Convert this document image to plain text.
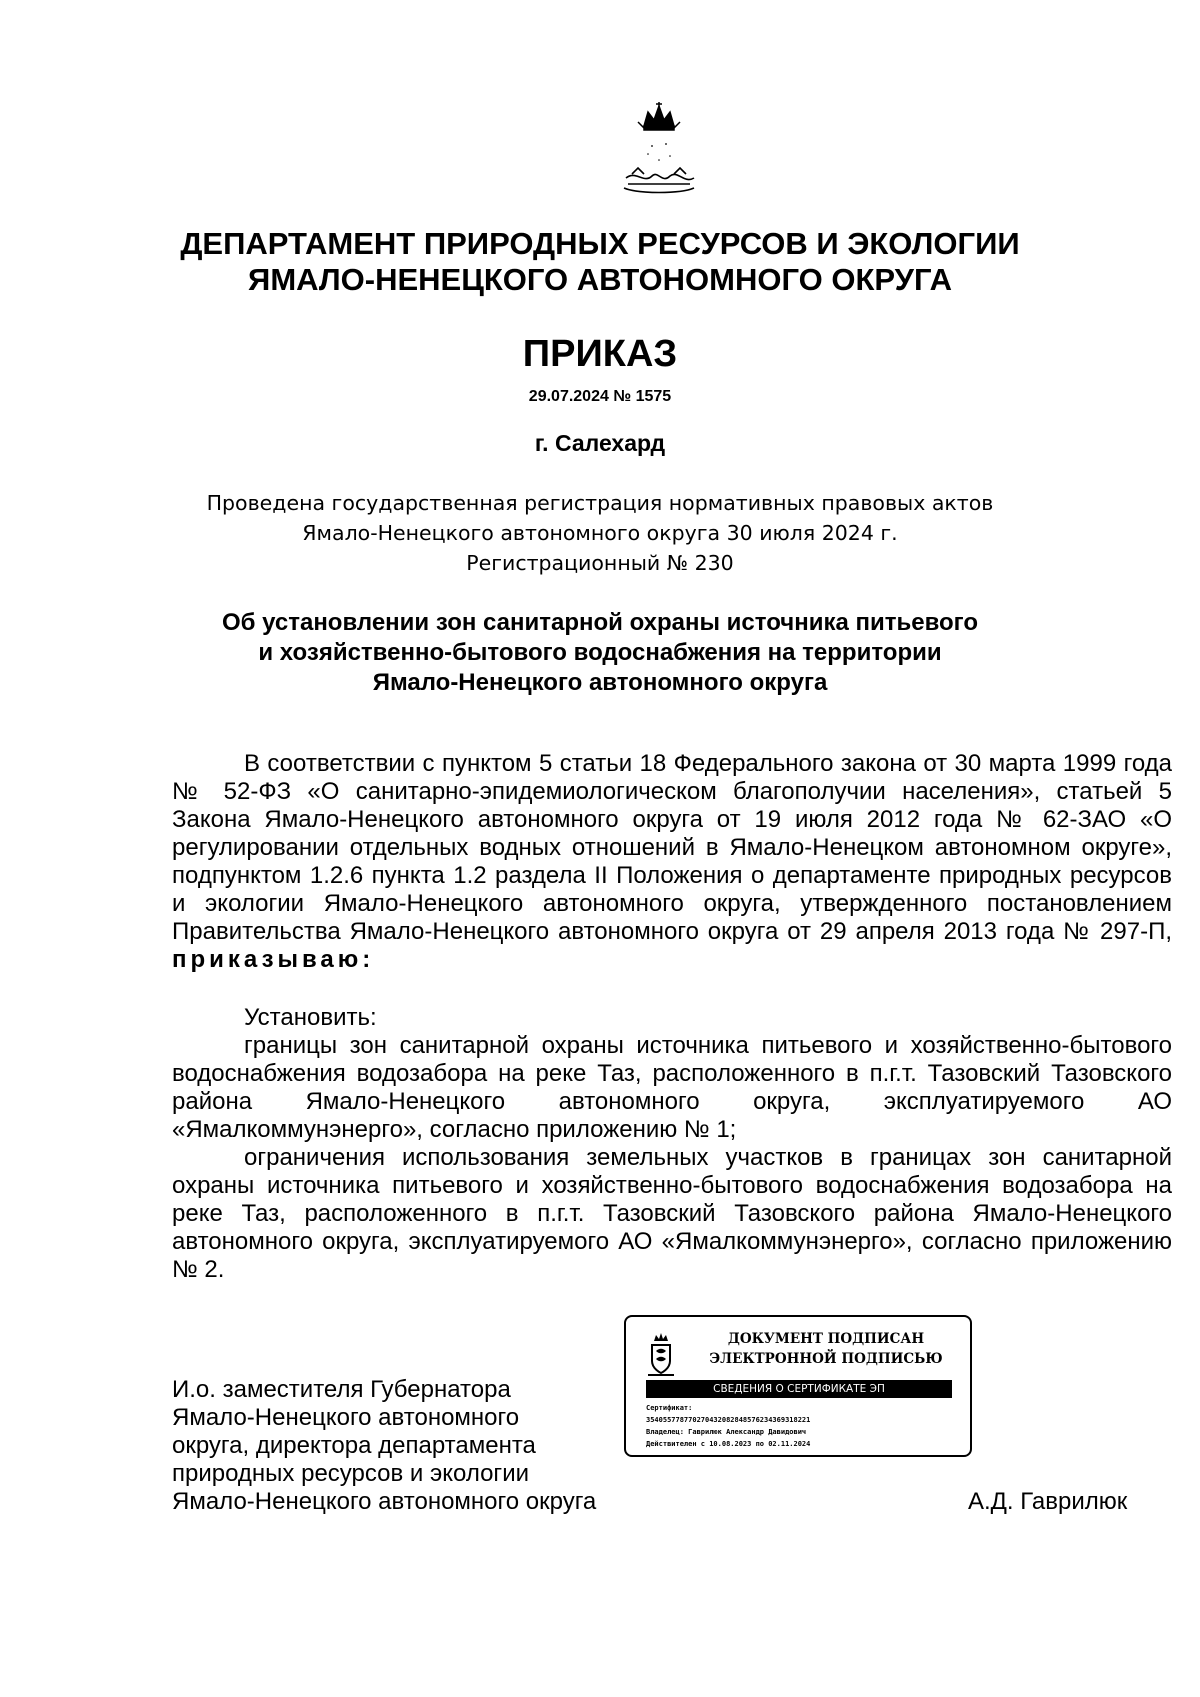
ДЕПАРТАМЕНТ ПРИРОДНЫХ РЕСУРСОВ И ЭКОЛОГИИ
ЯМАЛО-НЕНЕЦКОГО АВТОНОМНОГО ОКРУГА
ПРИКАЗ
29.07.2024 № 1575
г. Салехард
Проведена государственная регистрация нормативных правовых актов
Ямало-Ненецкого автономного округа 30 июля 2024 г.
Регистрационный № 230
Об установлении зон санитарной охраны источника питьевого
и хозяйственно-бытового водоснабжения на территории
Ямало-Ненецкого автономного округа

В соответствии с пунктом 5 статьи 18 Федерального закона от 30 марта 1999 года № 52-ФЗ «О санитарно-эпидемиологическом благополучии населения», статьей 5 Закона Ямало-Ненецкого автономного округа от 19 июля 2012 года № 62-ЗАО «О регулировании отдельных водных отношений в Ямало-Ненецком автономном округе», подпунктом 1.2.6 пункта 1.2 раздела II Положения о департаменте природных ресурсов и экологии Ямало-Ненецкого автономного округа, утвержденного постановлением Правительства Ямало-Ненецкого автономного округа от 29 апреля 2013 года № 297-П, приказываю:

Установить:

границы зон санитарной охраны источника питьевого и хозяйственно-бытового водоснабжения водозабора на реке Таз, расположенного в п.г.т. Тазовский Тазовского района Ямало-Ненецкого автономного округа, эксплуатируемого АО «Ямалкоммунэнерго», согласно приложению № 1;

ограничения использования земельных участков в границах зон санитарной охраны источника питьевого и хозяйственно-бытового водоснабжения водозабора на реке Таз, расположенного в п.г.т. Тазовский Тазовского района Ямало-Ненецкого автономного округа, эксплуатируемого АО «Ямалкоммунэнерго», согласно приложению № 2.

И.о. заместителя Губернатора
Ямало-Ненецкого автономного
округа, директора департамента
природных ресурсов и экологии
Ямало-Ненецкого автономного округа	А.Д. Гаврилюк
ДОКУМЕНТ ПОДПИСАН
ЭЛЕКТРОННОЙ ПОДПИСЬЮ
СВЕДЕНИЯ О СЕРТИФИКАТЕ ЭП
Сертификат:
354055778770270432082848576234369318221
Владелец: Гаврилюк Александр Давидович
Действителен с 10.08.2023 по 02.11.2024
